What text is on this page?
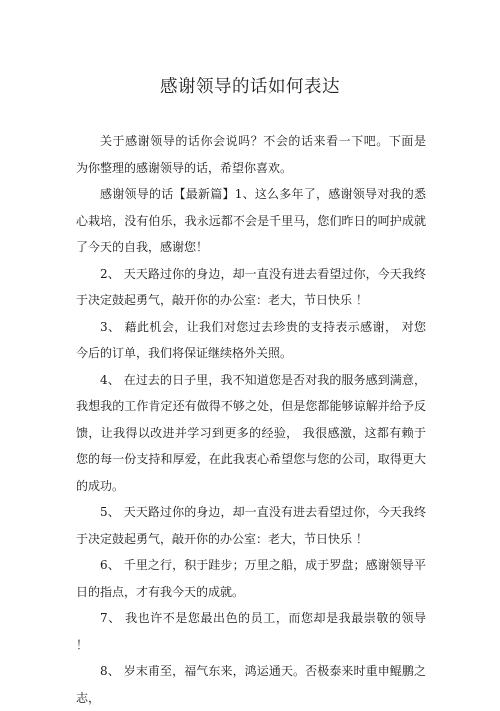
感谢领导的话如何表达

关于感谢领导的话你会说吗？不会的话来看一下吧。下面是 为你整理的感谢领导的话，希望你喜欢。

感谢领导的话【最新篇】1、这么多年了，感谢领导对我的悉心栽培，没有伯乐，我永远都不会是千里马，您们昨日的呵护成就了今天的自我，感谢您！

2、 天天路过你的身边，却一直没有进去看望过你，今天我终于决定鼓起勇气，敲开你的办公室：老大，节日快乐 ！

3、 藉此机会，让我们对您过去珍贵的支持表示感谢， 对您今后的订单，我们将保证继续格外关照。

4、 在过去的日子里，我不知道您是否对我的服务感到满意， 我想我的工作肯定还有做得不够之处，但是您都能够谅解并给予反馈，让我得以改进并学习到更多的经验， 我很感激，这都有赖于您的每一份支持和厚爱，在此我衷心希望您与您的公司，取得更大的成功。

5、 天天路过你的身边，却一直没有进去看望过你，今天我终于决定鼓起勇气，敲开你的办公室：老大，节日快乐 ！

6、 千里之行，积于跬步；万里之船，成于罗盘；感谢领导平日的指点，才有我今天的成就。

7、 我也许不是您最出色的员工，而您却是我最崇敬的领导 ！

8、 岁末甫至，福气东来，鸿运通天。否极泰来时重申鲲鹏之志，
